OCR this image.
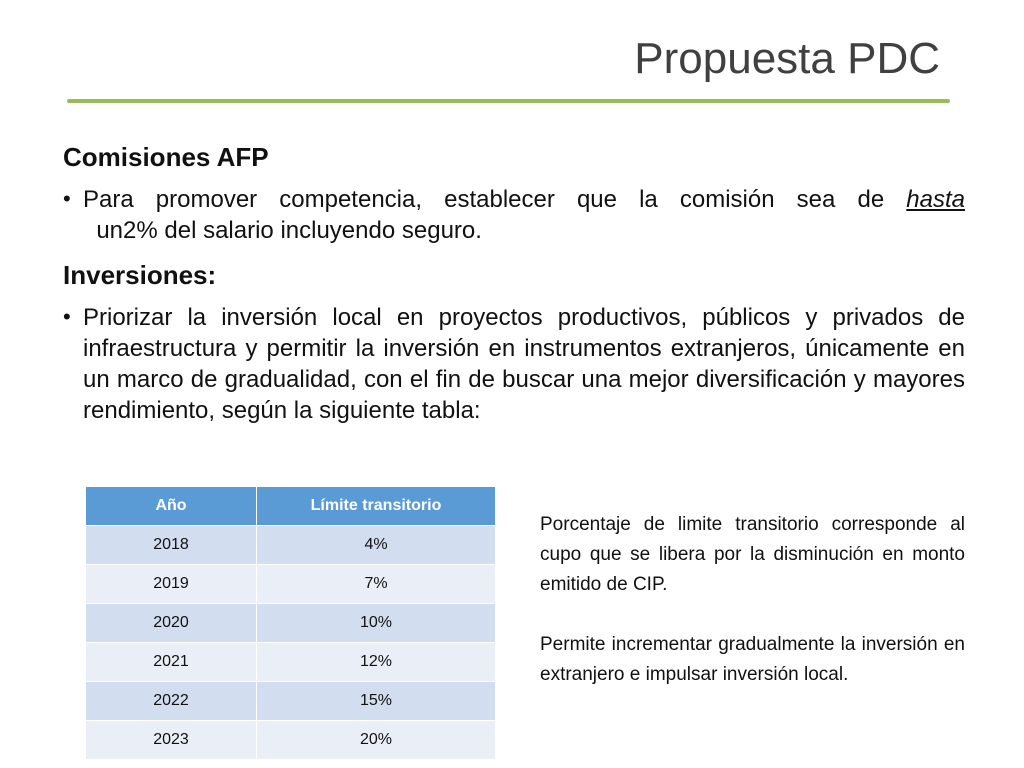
Propuesta PDC
Comisiones AFP
• Para promover competencia, establecer que la comisión sea de hasta  un2% del salario incluyendo seguro.
Inversiones:
• Priorizar la inversión local en proyectos productivos, públicos y privados de infraestructura y permitir la inversión en instrumentos extranjeros, únicamente en un marco de gradualidad, con el fin de buscar una mejor diversificación y mayores rendimiento, según la siguiente tabla:
Año	Límite transitorio
2018	4%
2019	7%
2020	10%
2021	12%
2022	15%
2023	20%

Porcentaje de limite transitorio corresponde al cupo que se libera por la disminución en monto emitido de CIP.

Permite incrementar gradualmente la inversión en extranjero e impulsar inversión local.
